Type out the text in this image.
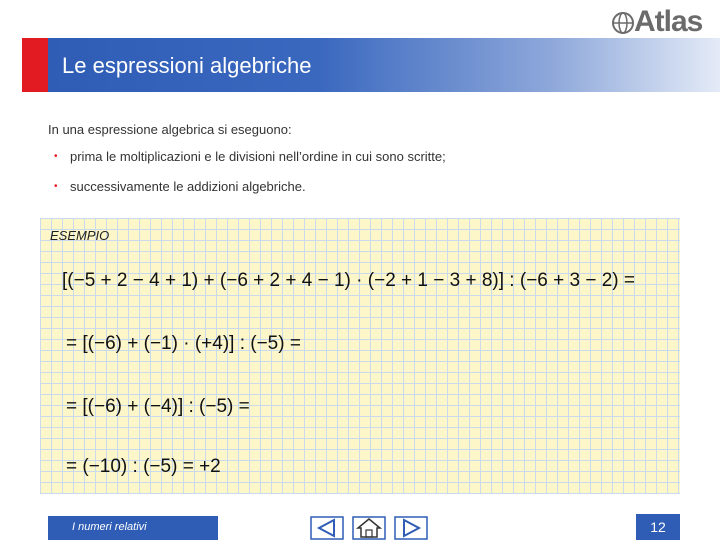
Atlas
Le espressioni algebriche
In una espressione algebrica si eseguono:
• prima le moltiplicazioni e le divisioni nell’ordine in cui sono scritte;
• successivamente le addizioni algebriche.
ESEMPIO
[(−5 + 2 − 4 + 1) + (−6 + 2 + 4 − 1) · (−2 + 1 − 3 + 8)] : (−6 + 3 − 2) =
= [(−6) + (−1) · (+4)] : (−5) =
= [(−6) + (−4)] : (−5) =
= (−10) : (−5) = +2
I numeri relativi	12
